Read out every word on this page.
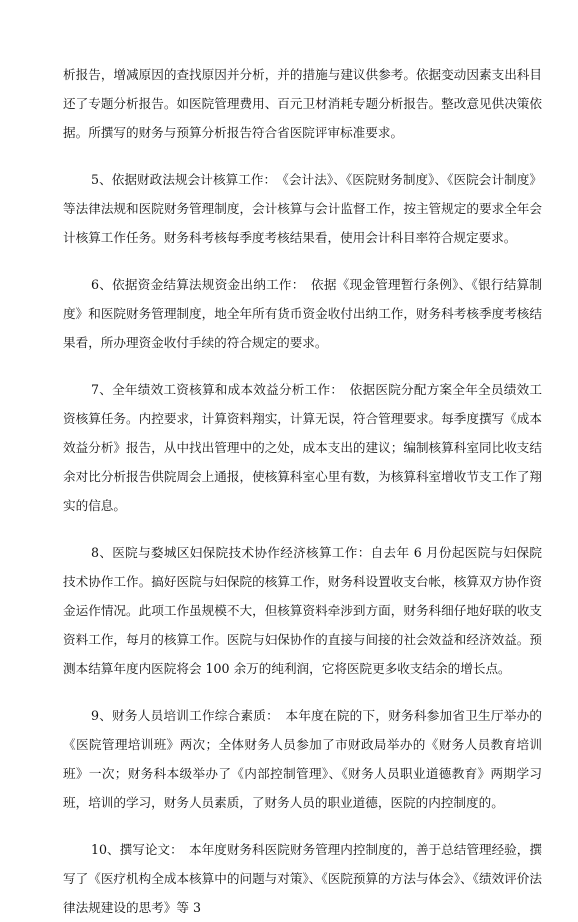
析报告，增减原因的查找原因并分析，并的措施与建议供参考。依据变动因素支出科目还了专题分析报告。如医院管理费用、百元卫材消耗专题分析报告。整改意见供决策依据。所撰写的财务与预算分析报告符合省医院评审标准要求。

5、依据财政法规会计核算工作：　《会计法》、《医院财务制度》、《医院会计制度》等法律法规和医院财务管理制度，会计核算与会计监督工作，按主管规定的要求全年会计核算工作任务。财务科考核每季度考核结果看，使用会计科目率符合规定要求。

6、依据资金结算法规资金出纳工作：　依据《现金管理暂行条例》、《银行结算制度》和医院财务管理制度，地全年所有货币资金收付出纳工作，财务科考核季度考核结果看，所办理资金收付手续的符合规定的要求。

7、全年绩效工资核算和成本效益分析工作：　依据医院分配方案全年全员绩效工资核算任务。内控要求，计算资料翔实，计算无误，符合管理要求。每季度撰写《成本效益分析》报告，从中找出管理中的之处，成本支出的建议；编制核算科室同比收支结余对比分析报告供院周会上通报，使核算科室心里有数，为核算科室增收节支工作了翔实的信息。

8、医院与婺城区妇保院技术协作经济核算工作：自去年 6 月份起医院与妇保院技术协作工作。搞好医院与妇保院的核算工作，财务科设置收支台帐，核算双方协作资金运作情况。此项工作虽规模不大，但核算资料牵涉到方面，财务科细仔地好联的收支资料工作，每月的核算工作。医院与妇保协作的直接与间接的社会效益和经济效益。预测本结算年度内医院将会 100 余万的纯利润，它将医院更多收支结余的增长点。

9、财务人员培训工作综合素质：　本年度在院的下，财务科参加省卫生厅举办的《医院管理培训班》两次；全体财务人员参加了市财政局举办的《财务人员教育培训班》一次；财务科本级举办了《内部控制管理》、《财务人员职业道德教育》两期学习班，培训的学习，财务人员素质，了财务人员的职业道德，医院的内控制度的。

10、撰写论文：　本年度财务科医院财务管理内控制度的，善于总结管理经验，撰写了《医疗机构全成本核算中的问题与对策》、《医院预算的方法与体会》、《绩效评价法律法规建设的思考》等 3
